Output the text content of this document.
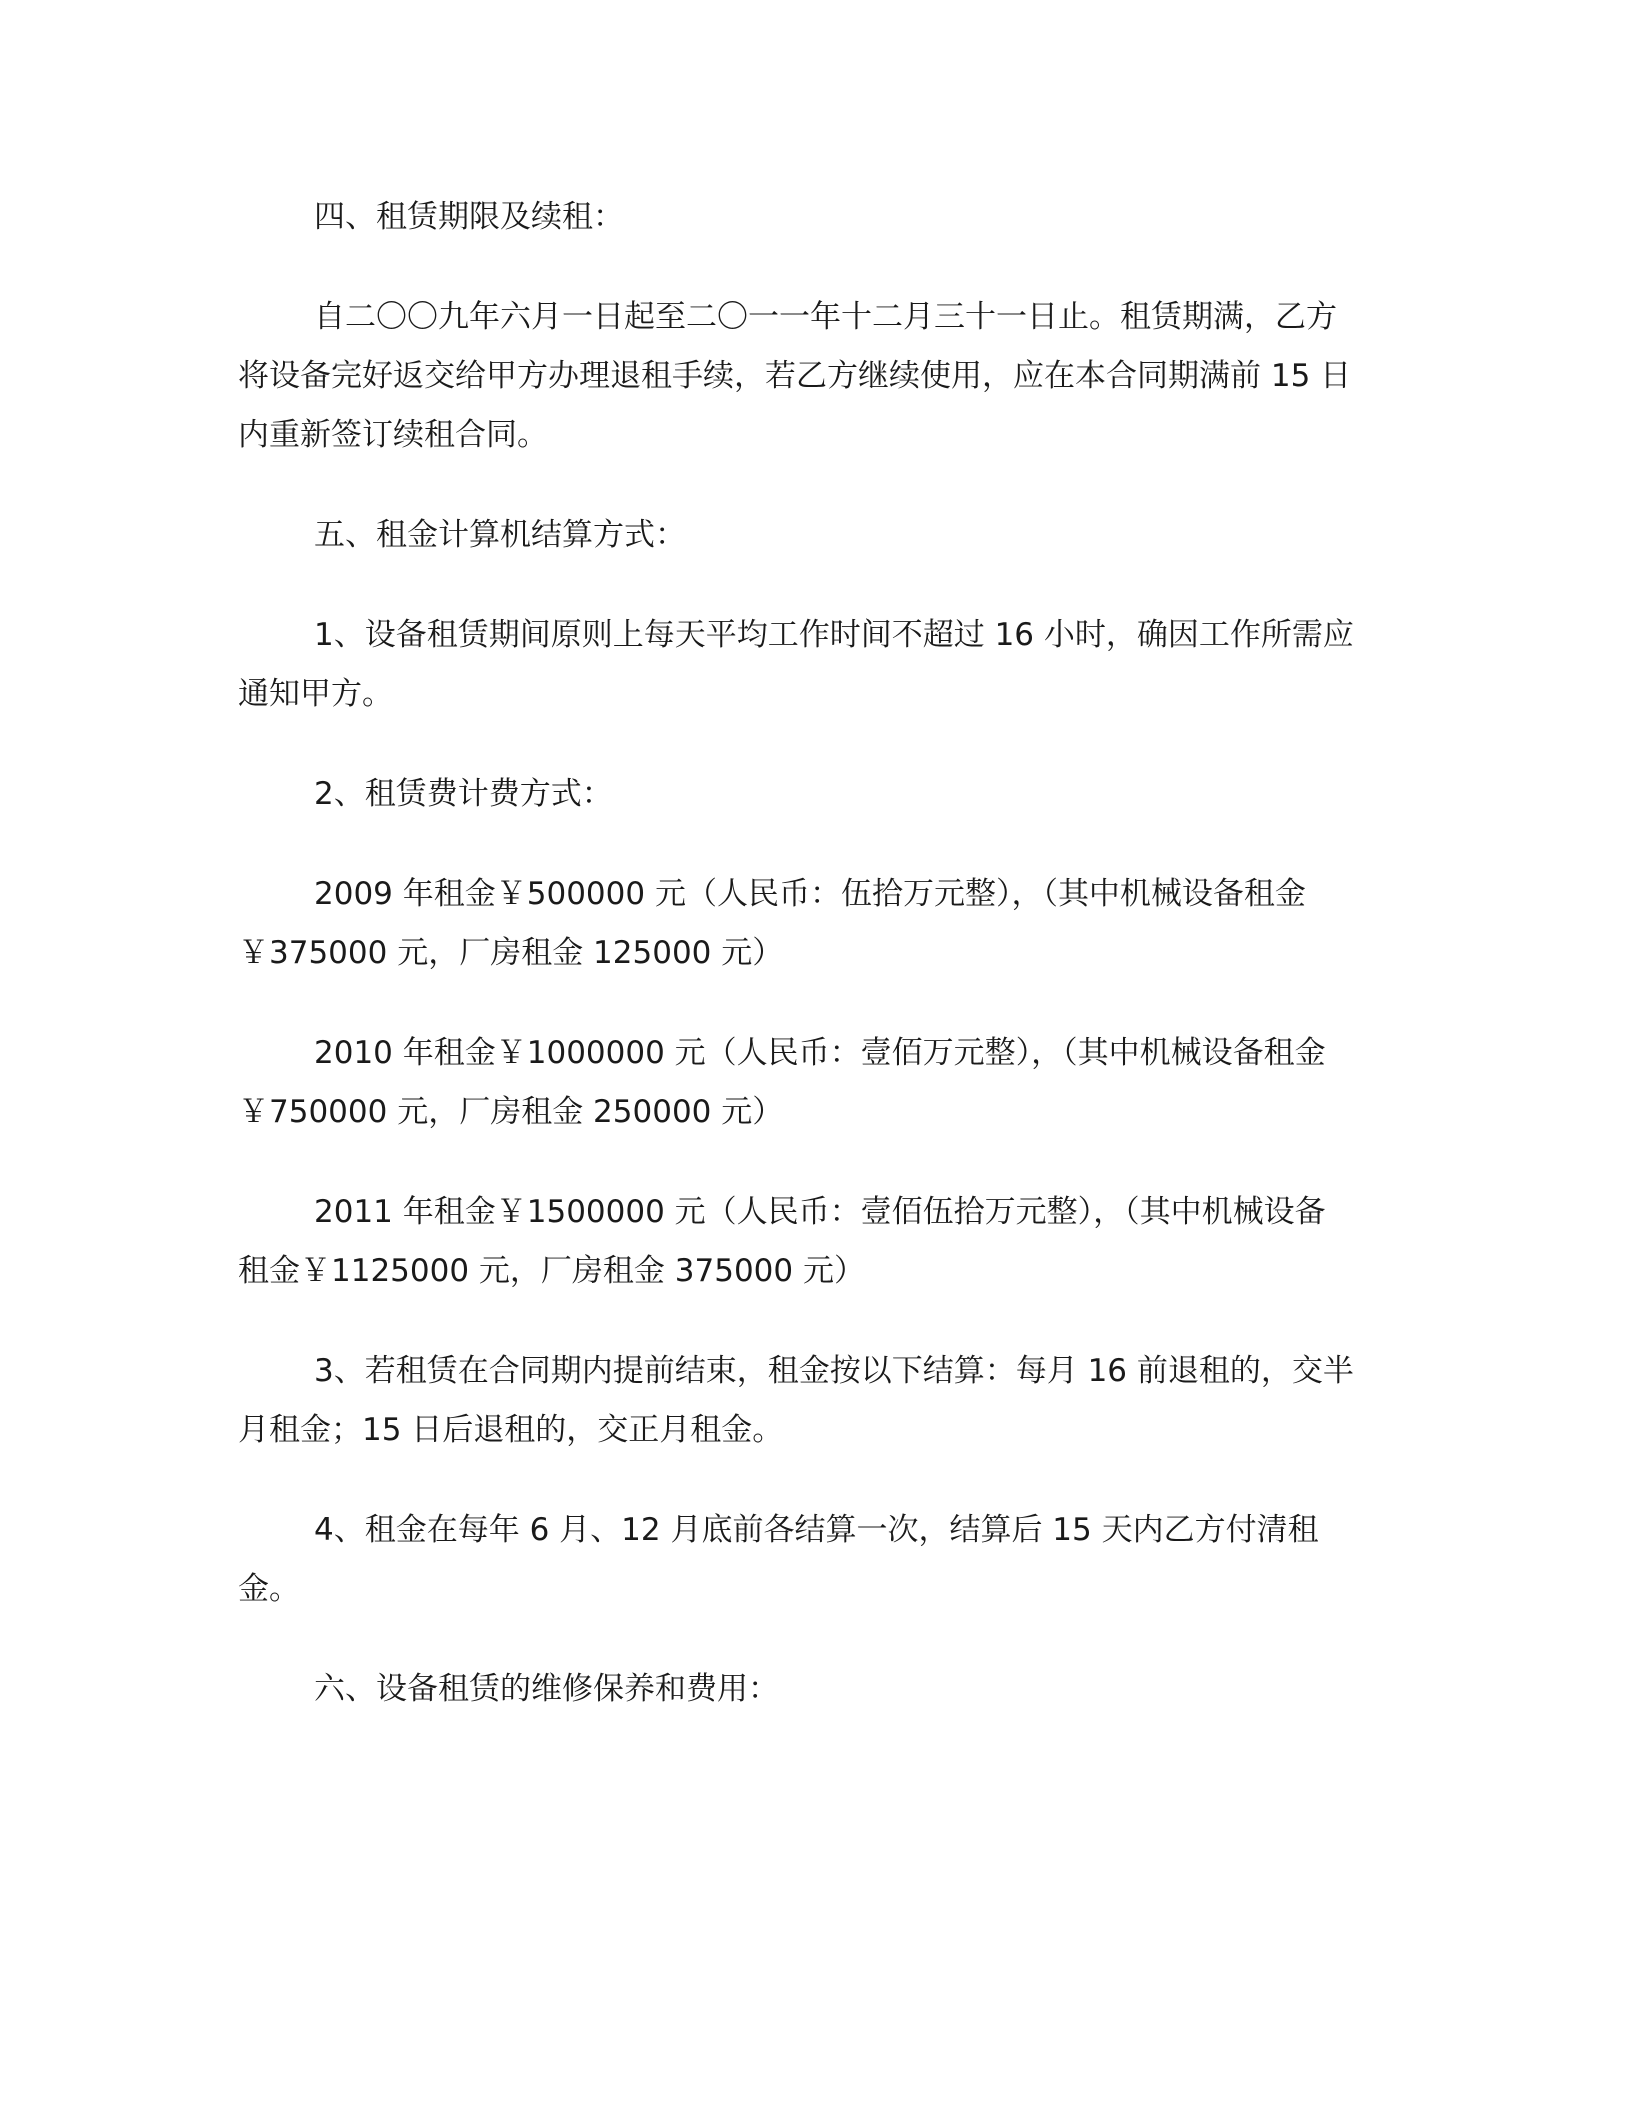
四、租赁期限及续租：

自二〇〇九年六月一日起至二〇一一年十二月三十一日止。租赁期满，乙方
将设备完好返交给甲方办理退租手续，若乙方继续使用，应在本合同期满前 15 日
内重新签订续租合同。

五、租金计算机结算方式：

1、设备租赁期间原则上每天平均工作时间不超过 16 小时，确因工作所需应
通知甲方。

2、租赁费计费方式：

2009 年租金￥500000 元（人民币：伍拾万元整），（其中机械设备租金
￥375000 元，厂房租金 125000 元）

2010 年租金￥1000000 元（人民币：壹佰万元整），（其中机械设备租金
￥750000 元，厂房租金 250000 元）

2011 年租金￥1500000 元（人民币：壹佰伍拾万元整），（其中机械设备
租金￥1125000 元，厂房租金 375000 元）

3、若租赁在合同期内提前结束，租金按以下结算：每月 16 前退租的，交半
月租金；15 日后退租的，交正月租金。

4、租金在每年 6 月、12 月底前各结算一次，结算后 15 天内乙方付清租
金。

六、设备租赁的维修保养和费用：
